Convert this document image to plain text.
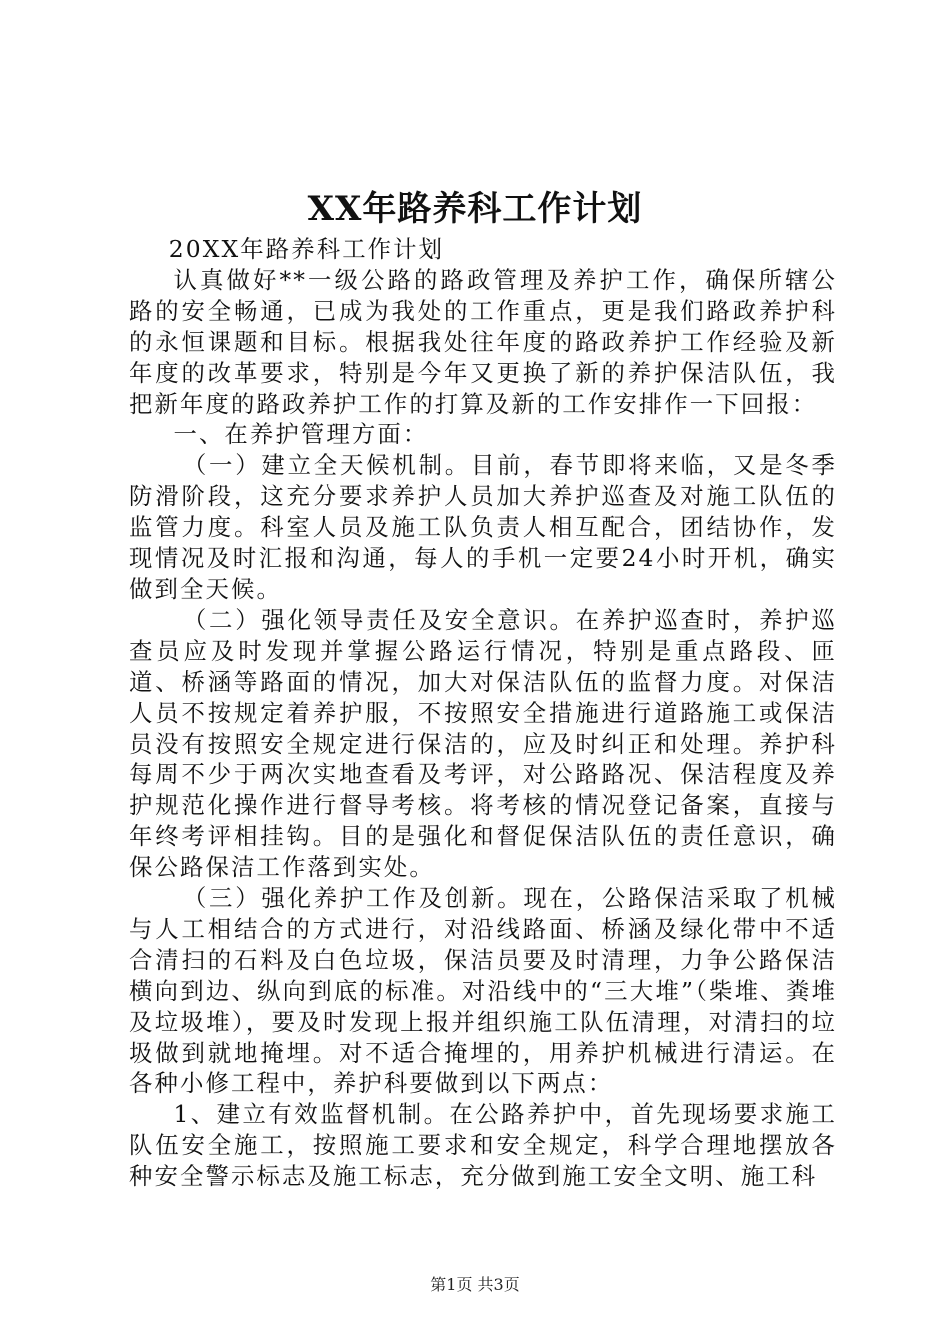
XX年路养科工作计划

20XX年路养科工作计划

认真做好**一级公路的路政管理及养护工作，确保所辖公路的安全畅通，已成为我处的工作重点，更是我们路政养护科的永恒课题和目标。根据我处往年度的路政养护工作经验及新年度的改革要求，特别是今年又更换了新的养护保洁队伍，我把新年度的路政养护工作的打算及新的工作安排作一下回报：

一、在养护管理方面：

（一）建立全天候机制。目前，春节即将来临，又是冬季防滑阶段，这充分要求养护人员加大养护巡查及对施工队伍的监管力度。科室人员及施工队负责人相互配合，团结协作，发现情况及时汇报和沟通，每人的手机一定要24小时开机，确实做到全天候。

（二）强化领导责任及安全意识。在养护巡查时，养护巡查员应及时发现并掌握公路运行情况，特别是重点路段、匝道、桥涵等路面的情况，加大对保洁队伍的监督力度。对保洁人员不按规定着养护服，不按照安全措施进行道路施工或保洁员没有按照安全规定进行保洁的，应及时纠正和处理。养护科每周不少于两次实地查看及考评，对公路路况、保洁程度及养护规范化操作进行督导考核。将考核的情况登记备案，直接与年终考评相挂钩。目的是强化和督促保洁队伍的责任意识，确保公路保洁工作落到实处。

（三）强化养护工作及创新。现在，公路保洁采取了机械与人工相结合的方式进行，对沿线路面、桥涵及绿化带中不适合清扫的石料及白色垃圾，保洁员要及时清理，力争公路保洁横向到边、纵向到底的标准。对沿线中的“三大堆”（柴堆、粪堆及垃圾堆），要及时发现上报并组织施工队伍清理，对清扫的垃圾做到就地掩埋。对不适合掩埋的，用养护机械进行清运。在各种小修工程中，养护科要做到以下两点：

1、建立有效监督机制。在公路养护中，首先现场要求施工队伍安全施工，按照施工要求和安全规定，科学合理地摆放各种安全警示标志及施工标志，充分做到施工安全文明、施工科

第1页 共3页
